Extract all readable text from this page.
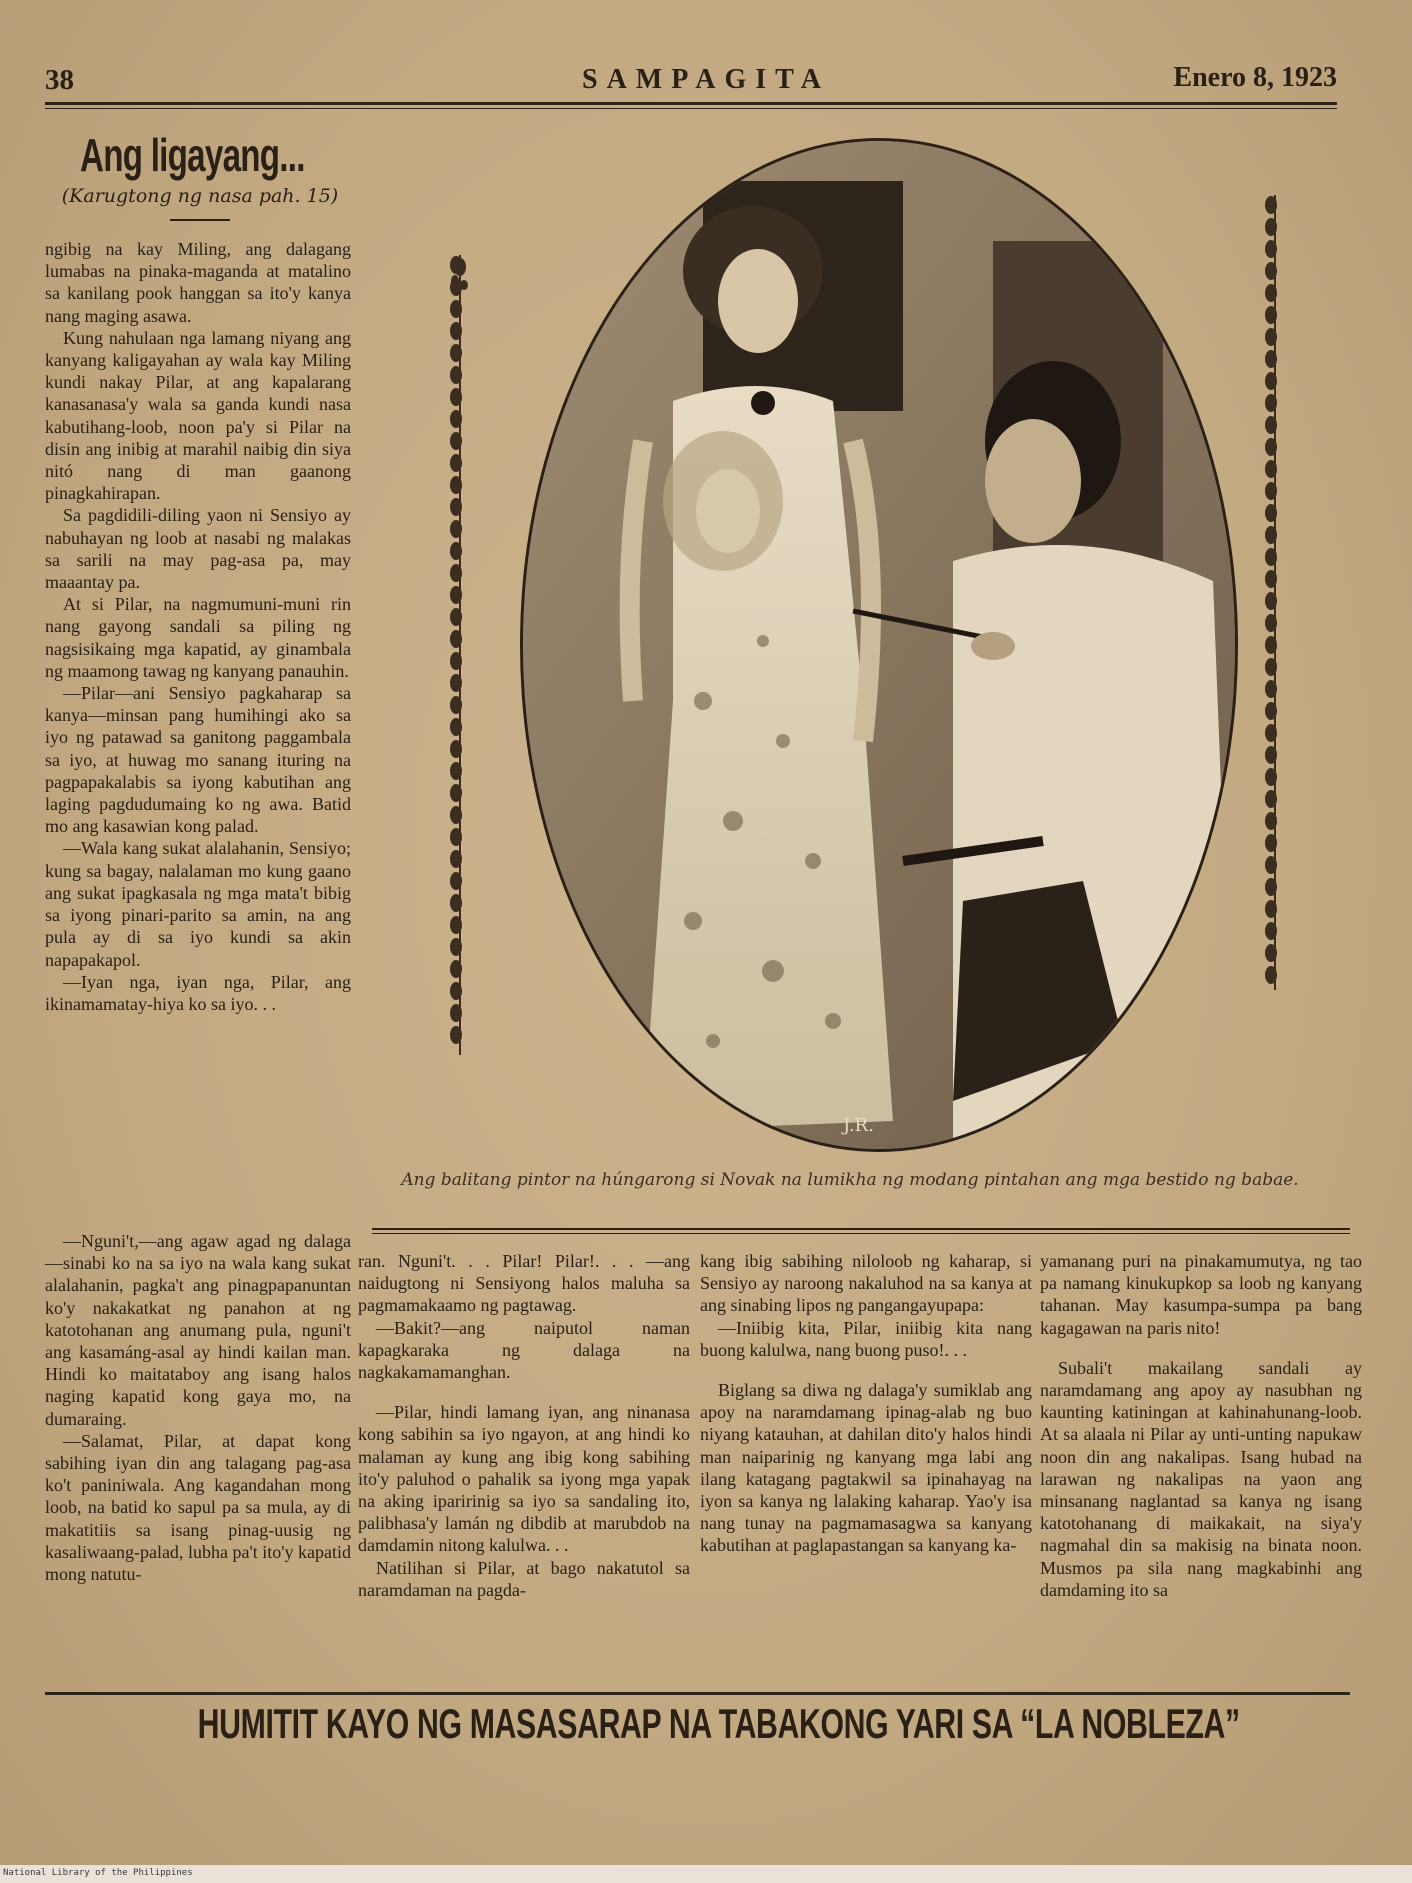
38	SAMPAGITA	Enero 8, 1923
Ang ligayang...
(Karugtong ng nasa pah. 15)

ngibig na kay Miling, ang dalagang lumabas na pinaka-maganda at matalino sa kanilang pook hanggan sa ito'y kanya nang maging asawa.

Kung nahulaan nga lamang niyang ang kanyang kaligayahan ay wala kay Miling kundi nakay Pilar, at ang kapalarang kanasanasa'y wala sa ganda kundi nasa kabutihang-loob, noon pa'y si Pilar na disin ang inibig at marahil naibig din siya nitó nang di man gaanong pinagkahirapan.

Sa pagdidili-diling yaon ni Sensiyo ay nabuhayan ng loob at nasabi ng malakas sa sarili na may pag-asa pa, may maaantay pa.

At si Pilar, na nagmumuni-muni rin nang gayong sandali sa piling ng nagsisikaing mga kapatid, ay ginambala ng maamong tawag ng kanyang panauhin.

—Pilar—ani Sensiyo pagkaharap sa kanya—minsan pang humihingi ako sa iyo ng patawad sa ganitong paggambala sa iyo, at huwag mo sanang ituring na pagpapakalabis sa iyong kabutihan ang laging pagdudumaing ko ng awa. Batid mo ang kasawian kong palad.

—Wala kang sukat alalahanin, Sensiyo; kung sa bagay, nalalaman mo kung gaano ang sukat ipagkasala ng mga mata't bibig sa iyong pinari-parito sa amin, na ang pula ay di sa iyo kundi sa akin napapakapol.

—Iyan nga, iyan nga, Pilar, ang ikinamamatay-hiya ko sa iyo. . .

J.R.
Ang balitang pintor na húngarong si Novak na lumikha ng modang pintahan ang mga bestido ng babae.

—Nguni't,—ang agaw agad ng dalaga—sinabi ko na sa iyo na wala kang sukat alalahanin, pagka't ang pinagpapanuntan ko'y nakakatkat ng panahon at ng katotohanan ang anumang pula, nguni't ang kasamáng-asal ay hindi kailan man. Hindi ko maitataboy ang isang halos naging kapatid kong gaya mo, na dumaraing.

—Salamat, Pilar, at dapat kong sabihing iyan din ang talagang pag-asa ko't paniniwala. Ang kagandahan mong loob, na batid ko sapul pa sa mula, ay di makatitiis sa isang pinag-uusig ng kasaliwaang-palad, lubha pa't ito'y kapatid mong natutu-

ran. Nguni't. . . Pilar! Pilar!. . . —ang naidugtong ni Sensiyong halos maluha sa pagmamakaamo ng pagtawag.

—Bakit?—ang naiputol naman kapagkaraka ng dalaga na nagkakamamanghan.

—Pilar, hindi lamang iyan, ang ninanasa kong sabihin sa iyo ngayon, at ang hindi ko malaman ay kung ang ibig kong sabihing ito'y paluhod o pahalik sa iyong mga yapak na aking iparirinig sa iyo sa sandaling ito, palibhasa'y lamán ng dibdib at marubdob na damdamin nitong kalulwa. . .

Natilihan si Pilar, at bago nakatutol sa naramdaman na pagda-

kang ibig sabihing niloloob ng kaharap, si Sensiyo ay naroong nakaluhod na sa kanya at ang sinabing lipos ng pangangayupapa:

—Iniibig kita, Pilar, iniibig kita nang buong kalulwa, nang buong puso!. . .

Biglang sa diwa ng dalaga'y sumiklab ang apoy na naramdamang ipinag-alab ng buo niyang katauhan, at dahilan dito'y halos hindi man naiparinig ng kanyang mga labi ang ilang katagang pagtakwil sa ipinahayag na iyon sa kanya ng lalaking kaharap. Yao'y isa nang tunay na pagmamasagwa sa kanyang kabutihan at paglapastangan sa kanyang ka-

yamanang puri na pinakamumutya, ng tao pa namang kinukupkop sa loob ng kanyang tahanan. May kasumpa-sumpa pa bang kagagawan na paris nito!

Subali't makailang sandali ay naramdamang ang apoy ay nasubhan ng kaunting katiningan at kahinahunang-loob. At sa alaala ni Pilar ay unti-unting napukaw noon din ang nakalipas. Isang hubad na larawan ng nakalipas na yaon ang minsanang naglantad sa kanya ng isang katotohanang di maikakait, na siya'y nagmahal din sa makisig na binata noon. Musmos pa sila nang magkabinhi ang damdaming ito sa

HUMITIT KAYO NG MASASARAP NA TABAKONG YARI SA “LA NOBLEZA”
National Library of the Philippines
